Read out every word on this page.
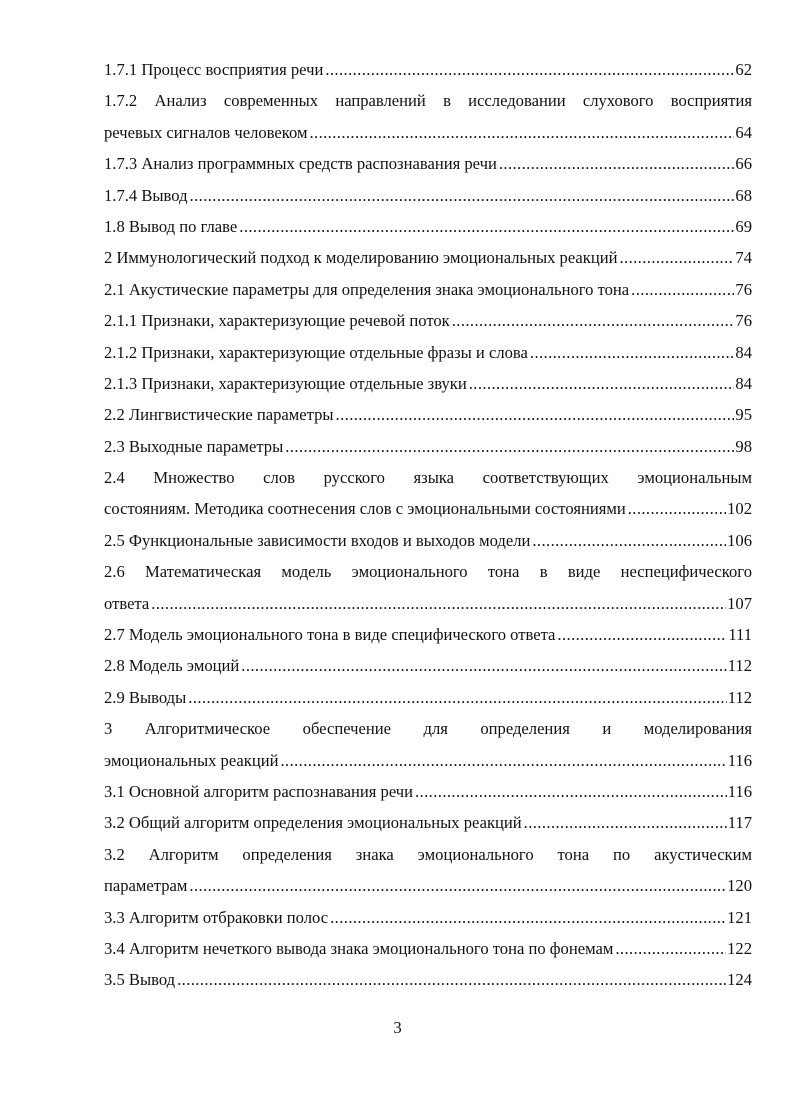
1.7.1 Процесс восприятия речи .....	62
1.7.2 Анализ современных направлений в исследовании слухового восприятия
речевых сигналов человеком .....	64
1.7.3 Анализ программных средств распознавания речи .....	66
1.7.4 Вывод .....	68
1.8 Вывод по главе .....	69
2 Иммунологический подход к моделированию эмоциональных реакций .....	74
2.1 Акустические параметры для определения знака эмоционального тона .....	76
2.1.1 Признаки, характеризующие речевой поток .....	76
2.1.2 Признаки, характеризующие отдельные фразы и слова .....	84
2.1.3 Признаки, характеризующие отдельные звуки .....	84
2.2 Лингвистические параметры .....	95
2.3 Выходные параметры .....	98
2.4 Множество слов русского языка соответствующих эмоциональным
состояниям. Методика соотнесения слов с эмоциональными состояниями .....	102
2.5 Функциональные зависимости входов и выходов модели .....	106
2.6 Математическая модель эмоционального тона в виде неспецифического
ответа .....	107
2.7 Модель эмоционального тона в виде специфического ответа .....	111
2.8 Модель эмоций .....	112
2.9 Выводы .....	112
3 Алгоритмическое обеспечение для определения и моделирования
эмоциональных реакций .....	116
3.1 Основной алгоритм распознавания речи .....	116
3.2 Общий алгоритм определения эмоциональных реакций .....	117
3.2 Алгоритм определения знака эмоционального тона по акустическим
параметрам .....	120
3.3 Алгоритм отбраковки полос .....	121
3.4 Алгоритм нечеткого вывода знака эмоционального тона по фонемам .....	122
3.5 Вывод .....	124
3
